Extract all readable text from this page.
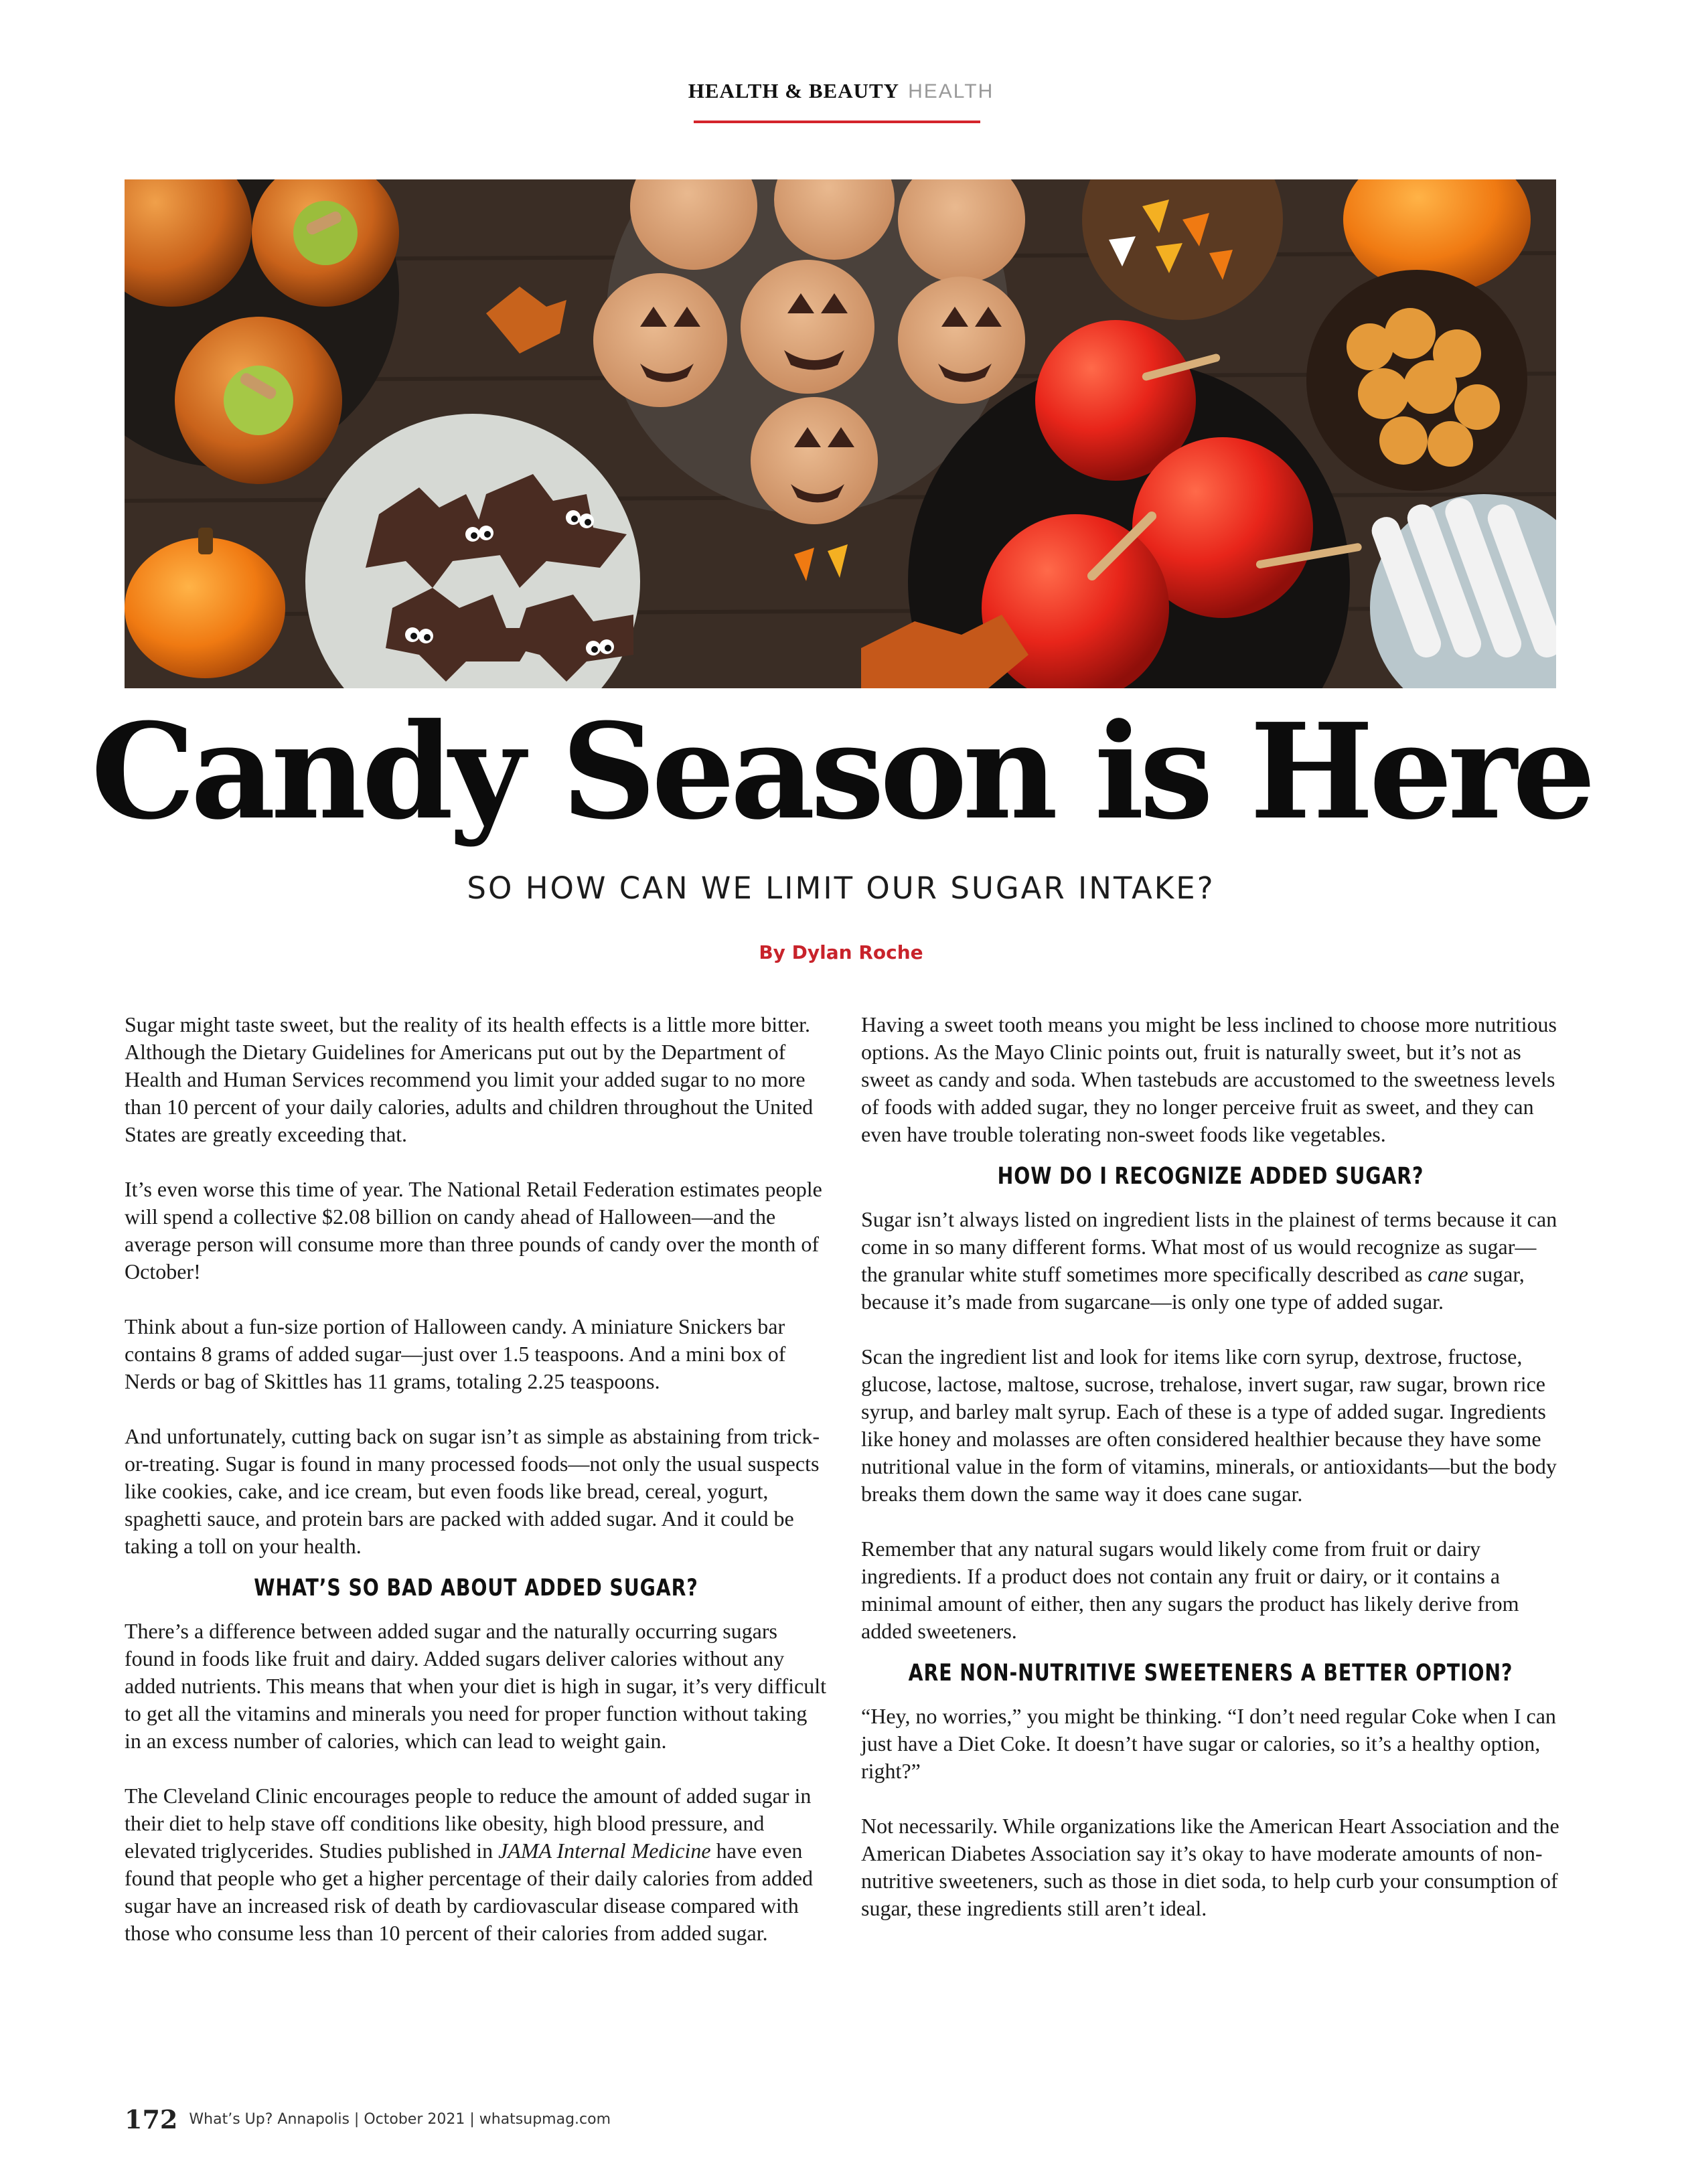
HEALTH & BEAUTY HEALTH
Candy Season is Here
SO HOW CAN WE LIMIT OUR SUGAR INTAKE?
By Dylan Roche

Sugar might taste sweet, but the reality of its health effects is a little more bitter. Although the Dietary Guidelines for Americans put out by the Department of Health and Human Services recommend you limit your added sugar to no more than 10 percent of your daily calories, adults and children throughout the United States are greatly exceeding that.

It’s even worse this time of year. The National Retail Federation estimates people will spend a collective $2.08 billion on candy ahead of Halloween—and the average person will consume more than three pounds of candy over the month of October!

Think about a fun-size portion of Halloween candy. A miniature Snickers bar contains 8 grams of added sugar—just over 1.5 teaspoons. And a mini box of Nerds or bag of Skittles has 11 grams, totaling 2.25 teaspoons.

And unfortunately, cutting back on sugar isn’t as simple as abstaining from trick-or-treating. Sugar is found in many processed foods—not only the usual suspects like cookies, cake, and ice cream, but even foods like bread, cereal, yogurt, spaghetti sauce, and protein bars are packed with added sugar. And it could be taking a toll on your health.

WHAT’S SO BAD ABOUT ADDED SUGAR?

There’s a difference between added sugar and the naturally occurring sugars found in foods like fruit and dairy. Added sugars deliver calories without any added nutrients. This means that when your diet is high in sugar, it’s very difficult to get all the vitamins and minerals you need for proper function without taking in an excess number of calories, which can lead to weight gain.

The Cleveland Clinic encourages people to reduce the amount of added sugar in their diet to help stave off conditions like obesity, high blood pressure, and elevated triglycerides. Studies published in JAMA Internal Medicine have even found that people who get a higher percentage of their daily calories from added sugar have an increased risk of death by cardiovascular disease compared with those who consume less than 10 percent of their calories from added sugar.

Having a sweet tooth means you might be less inclined to choose more nutritious options. As the Mayo Clinic points out, fruit is naturally sweet, but it’s not as sweet as candy and soda. When tastebuds are accustomed to the sweetness levels of foods with added sugar, they no longer perceive fruit as sweet, and they can even have trouble tolerating non-sweet foods like vegetables.

HOW DO I RECOGNIZE ADDED SUGAR?

Sugar isn’t always listed on ingredient lists in the plainest of terms because it can come in so many different forms. What most of us would recognize as sugar—the granular white stuff sometimes more specifically described as cane sugar, because it’s made from sugarcane—is only one type of added sugar.

Scan the ingredient list and look for items like corn syrup, dextrose, fructose, glucose, lactose, maltose, sucrose, trehalose, invert sugar, raw sugar, brown rice syrup, and barley malt syrup. Each of these is a type of added sugar. Ingredients like honey and molasses are often considered healthier because they have some nutritional value in the form of vitamins, minerals, or antioxidants—but the body breaks them down the same way it does cane sugar.

Remember that any natural sugars would likely come from fruit or dairy ingredients. If a product does not contain any fruit or dairy, or it contains a minimal amount of either, then any sugars the product has likely derive from added sweeteners.

ARE NON-NUTRITIVE SWEETENERS A BETTER OPTION?

“Hey, no worries,” you might be thinking. “I don’t need regular Coke when I can just have a Diet Coke. It doesn’t have sugar or calories, so it’s a healthy option, right?”

Not necessarily. While organizations like the American Heart Association and the American Diabetes Association say it’s okay to have moderate amounts of non-nutritive sweeteners, such as those in diet soda, to help curb your consumption of sugar, these ingredients still aren’t ideal.

172 What’s Up? Annapolis | October 2021 | whatsupmag.com
